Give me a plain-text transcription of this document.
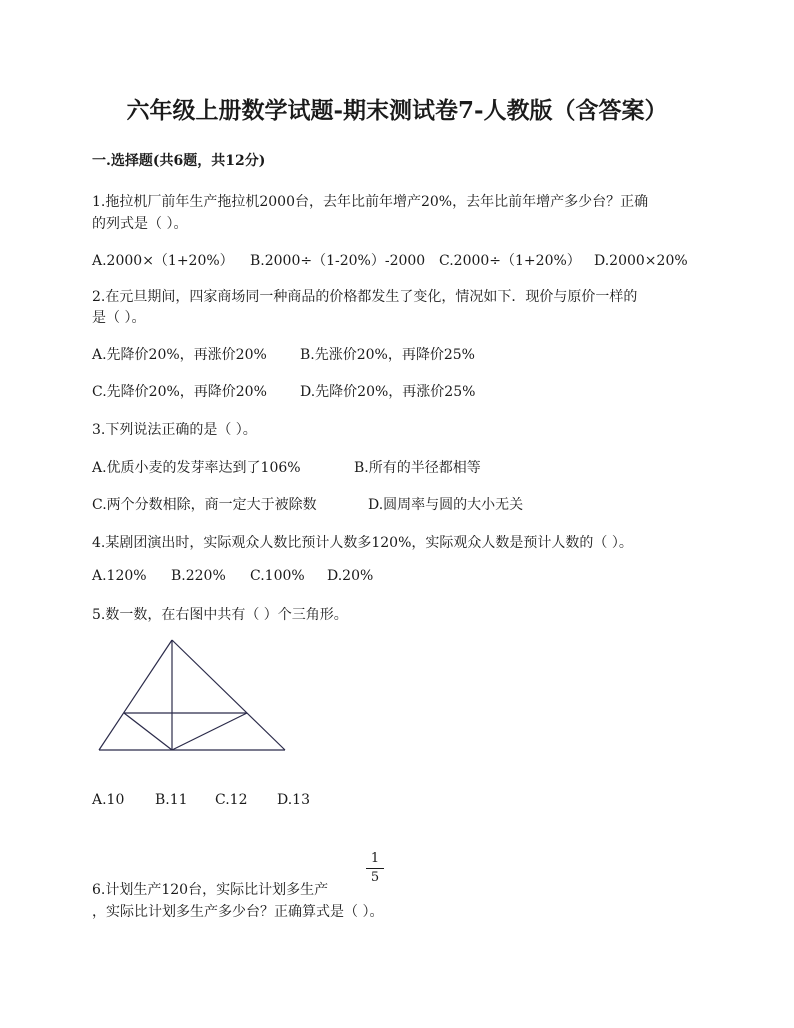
六年级上册数学试题-期末测试卷7-人教版（含答案）
一.选择题(共6题，共12分)
1.拖拉机厂前年生产拖拉机2000台，去年比前年增产20%，去年比前年增产多少台？正确
的列式是（ ）。
A.2000×（1+20%） B.2000÷（1-20%）-2000 C.2000÷（1+20%） D.2000×20%
2.在元旦期间，四家商场同一种商品的价格都发生了变化，情况如下．现价与原价一样的
是（ ）。
A.先降价20%，再涨价20% B.先涨价20%，再降价25%
C.先降价20%，再降价20% D.先降价20%，再涨价25%
3.下列说法正确的是（ ）。
A.优质小麦的发芽率达到了106%	B.所有的半径都相等
C.两个分数相除，商一定大于被除数	D.圆周率与圆的大小无关
4.某剧团演出时，实际观众人数比预计人数多120%，实际观众人数是预计人数的（ ）。
A.120% B.220% C.100% D.20%
5.数一数，在右图中共有（ ）个三角形。
A.10 B.11 C.12 D.13
1
5
6.计划生产120台，实际比计划多生产
，实际比计划多生产多少台？正确算式是（ ）。
